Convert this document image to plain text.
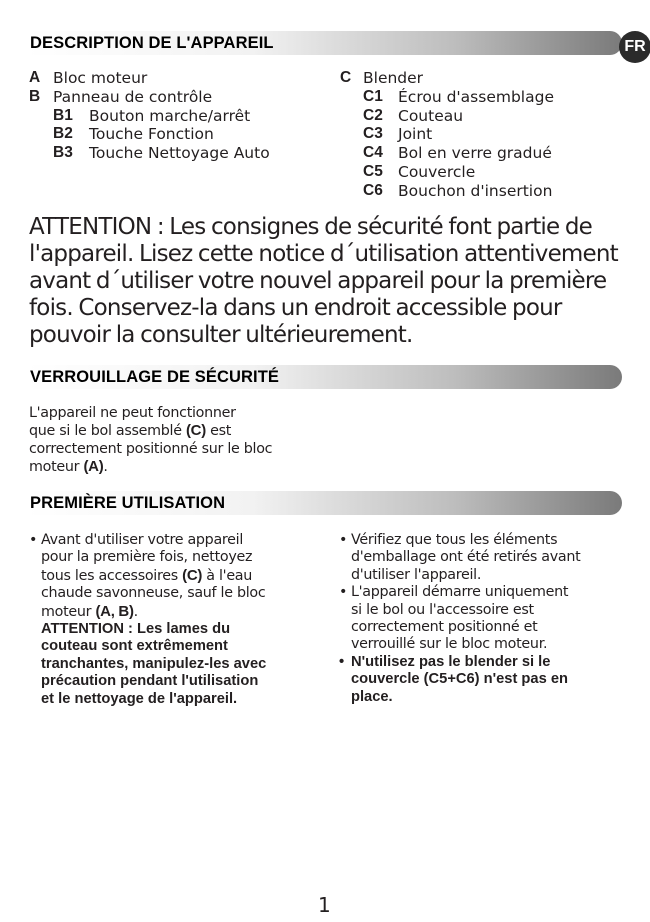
DESCRIPTION DE L'APPAREIL	FR
A Bloc moteur
B Panneau de contrôle
B1 Bouton marche/arrêt
B2 Touche Fonction
B3 Touche Nettoyage Auto
C Blender
C1 Écrou d'assemblage
C2 Couteau
C3 Joint
C4 Bol en verre gradué
C5 Couvercle
C6 Bouchon d'insertion
ATTENTION : Les consignes de sécurité font partie de
l'appareil. Lisez cette notice d´utilisation attentivement
avant d´utiliser votre nouvel appareil pour la première
fois. Conservez-la dans un endroit accessible pour
pouvoir la consulter ultérieurement.
VERROUILLAGE DE SÉCURITÉ
L'appareil ne peut fonctionner
que si le bol assemblé (C) est
correctement positionné sur le bloc
moteur (A).
PREMIÈRE UTILISATION
• Avant d'utiliser votre appareil
pour la première fois, nettoyez
tous les accessoires (C) à l'eau
chaude savonneuse, sauf le bloc
moteur (A, B).
ATTENTION : Les lames du
couteau sont extrêmement
tranchantes, manipulez-les avec
précaution pendant l'utilisation
et le nettoyage de l'appareil.
• Vérifiez que tous les éléments
d'emballage ont été retirés avant
d'utiliser l'appareil.
• L'appareil démarre uniquement
si le bol ou l'accessoire est
correctement positionné et
verrouillé sur le bloc moteur.
• N'utilisez pas le blender si le
couvercle (C5+C6) n'est pas en
place.
1
